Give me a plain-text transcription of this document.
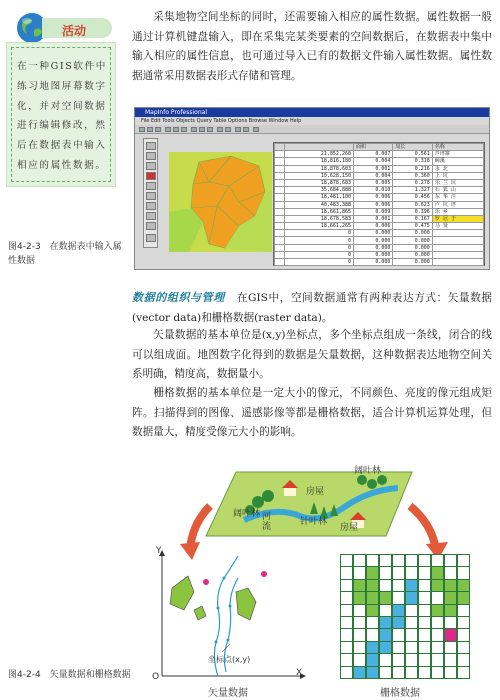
活动
在一种GIS软件中练习地图屏幕数字化，并对空间数据进行编辑修改，然后在数据表中输入相应的属性数据。
采集地物空间坐标的同时，还需要输入相应的属性数据。属性数据一般通过计算机键盘输入，即在采集完某类要素的空间数据后，在数据表中集中输入相应的属性信息，也可通过导入已有的数据文件输入属性数据。属性数据通常采用数据表形式存储和管理。
MapInfo Professional
File Edit Tools Objects Query Table Options Browse Window Help
		面积	周长	名称
	21,852,260	0.007	0.561	芦坪寨
	18,816,180	0.004	0.318	嶂溪
	18,878,683	0.001	0.216	永 北
	10,628,150	0.004	0.360	上 坑
	18,878,683	0.005	0.278	乐 兰 坑
	35,684,888	0.010	1.327	石 狐 山
	18,481,100	0.006	0.456	东 华 洼
	40,483,388	0.006	0.623	卢 坑 坪
	18,661,865	0.009	0.396	乐 乡
	18,678,583	0.001	0.167	罗 冠 于
	18,661,265	0.006	0.475	马 贤
	0	0.000	0.000	
	0	0.000	0.000	
	0	0.000	0.000	
	0	0.000	0.000	
	0	0.000	0.000	
图4-2-3　在数据表中输入属性数据
数据的组织与管理 在GIS中，空间数据通常有两种表达方式：矢量数据(vector data)和栅格数据(raster data)。
矢量数据的基本单位是(x,y)坐标点，多个坐标点组成一条线，闭合的线可以组成面。地图数字化得到的数据是矢量数据，这种数据表达地物空间关系明确，精度高，数据量小。
栅格数据的基本单位是一定大小的像元，不同颜色、亮度的像元组成矩阵。扫描得到的图像、遥感影像等都是栅格数据，适合计算机运算处理，但数据量大，精度受像元大小的影响。
阔叶林
房屋
阔叶林 河流	针叶林
房屋
Y
X
O
坐标点(x,y)
矢量数据	栅格数据
图4-2-4　矢量数据和栅格数据
